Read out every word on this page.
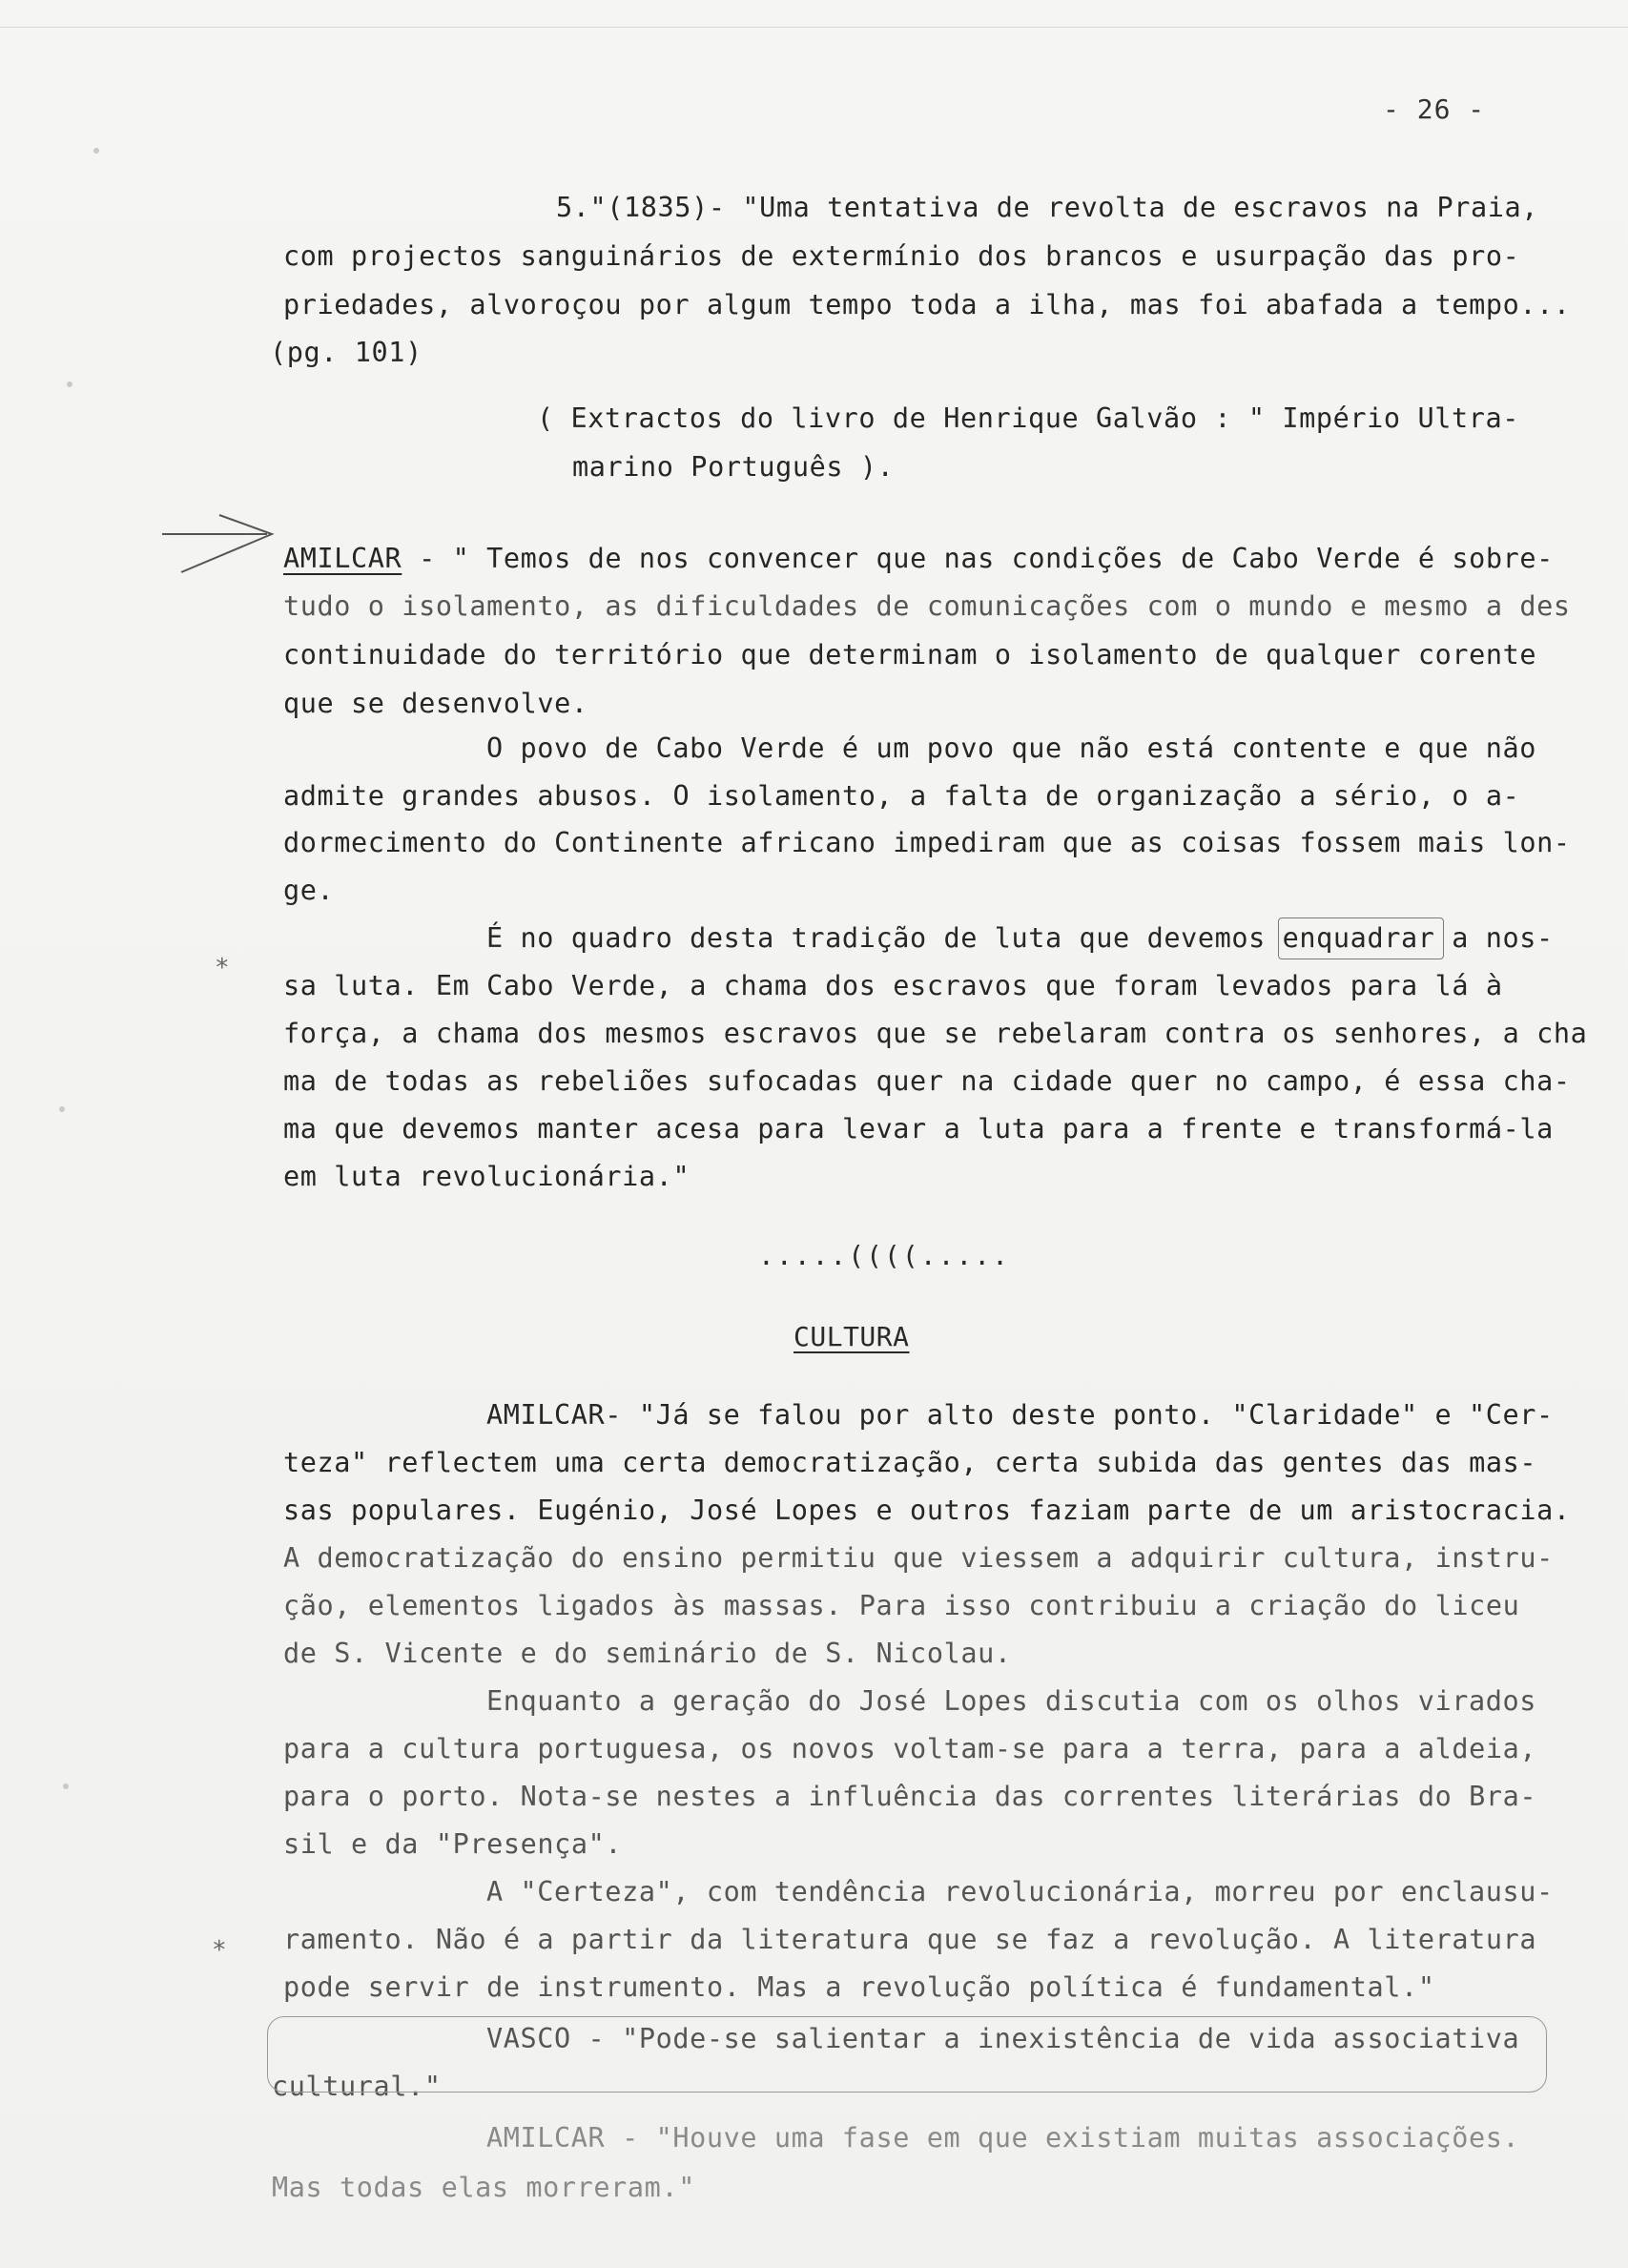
- 26 -
5."(1835)- "Uma tentativa de revolta de escravos na Praia,
com projectos sanguinários de extermínio dos brancos e usurpação das pro-
priedades, alvoroçou por algum tempo toda a ilha, mas foi abafada a tempo...
(pg. 101)
( Extractos do livro de Henrique Galvão : " Império Ultra-
marino Português ).
AMILCAR - " Temos de nos convencer que nas condições de Cabo Verde é sobre-
tudo o isolamento, as dificuldades de comunicações com o mundo e mesmo a des
continuidade do território que determinam o isolamento de qualquer corente
que se desenvolve.
O povo de Cabo Verde é um povo que não está contente e que não
admite grandes abusos. O isolamento, a falta de organização a sério, o a-
dormecimento do Continente africano impediram que as coisas fossem mais lon-
ge.
É no quadro desta tradição de luta que devemos enquadrar a nos-
*
sa luta. Em Cabo Verde, a chama dos escravos que foram levados para lá à
força, a chama dos mesmos escravos que se rebelaram contra os senhores, a cha
ma de todas as rebeliões sufocadas quer na cidade quer no campo, é essa cha-
ma que devemos manter acesa para levar a luta para a frente e transformá-la
em luta revolucionária."
.....((((.....
CULTURA
AMILCAR- "Já se falou por alto deste ponto. "Claridade" e "Cer-
teza" reflectem uma certa democratização, certa subida das gentes das mas-
sas populares. Eugénio, José Lopes e outros faziam parte de um aristocracia.
A democratização do ensino permitiu que viessem a adquirir cultura, instru-
ção, elementos ligados às massas. Para isso contribuiu a criação do liceu
de S. Vicente e do seminário de S. Nicolau.
Enquanto a geração do José Lopes discutia com os olhos virados
para a cultura portuguesa, os novos voltam-se para a terra, para a aldeia,
para o porto. Nota-se nestes a influência das correntes literárias do Bra-
sil e da "Presença".
A "Certeza", com tendência revolucionária, morreu por enclausu-
* ramento. Não é a partir da literatura que se faz a revolução. A literatura
pode servir de instrumento. Mas a revolução política é fundamental."
VASCO - "Pode-se salientar a inexistência de vida associativa
cultural."
AMILCAR - "Houve uma fase em que existiam muitas associações.
Mas todas elas morreram."
